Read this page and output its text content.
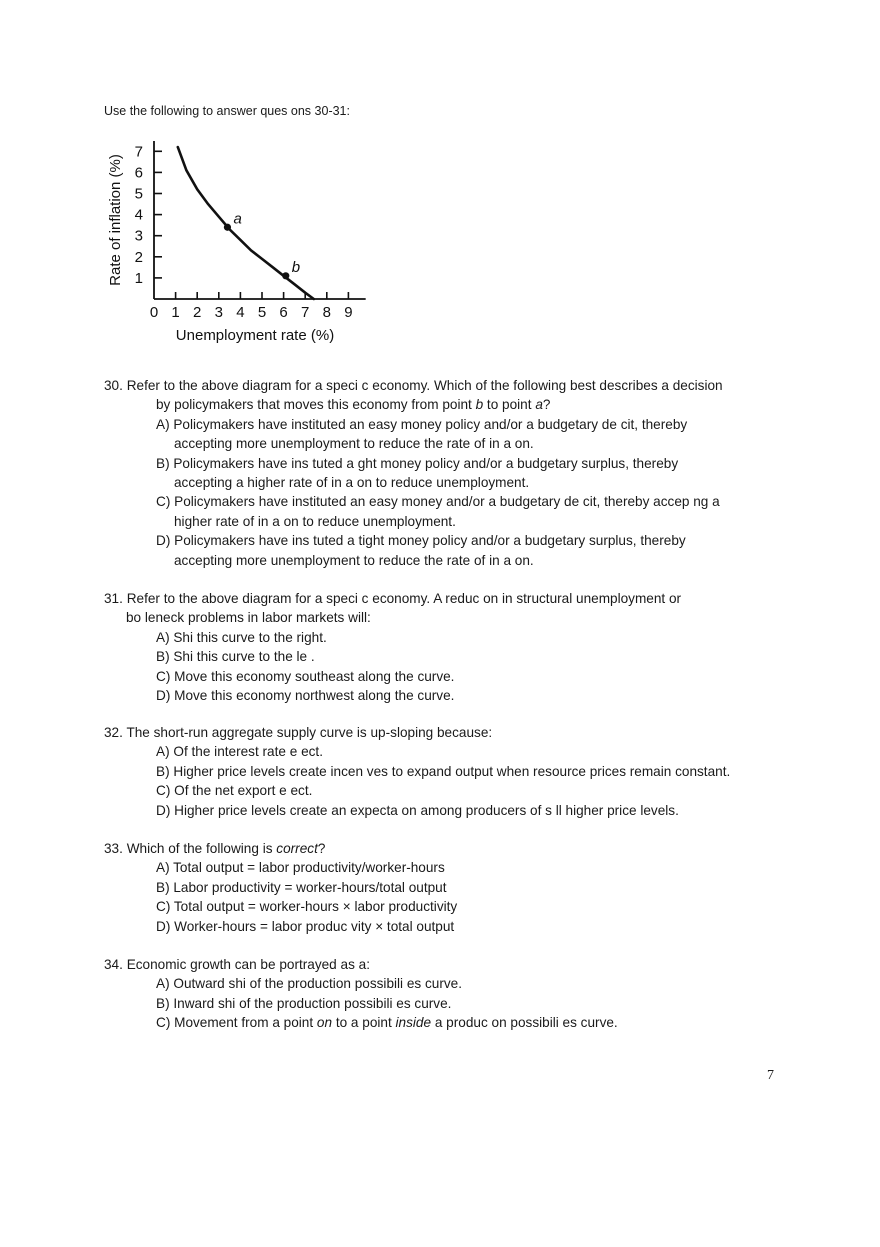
Use the following to answer ques ons 30-31:
1
2
3
4
5
6
7
0 1 2 3 4 5 6 7 8 9
a
b
Rate of inflation (%)
Unemployment rate (%)
30. Refer to the above diagram for a speci c economy. Which of the following best describes a decision
by policymakers that moves this economy from point b to point a?
A) Policymakers have instituted an easy money policy and/or a budgetary de cit, thereby
accepting more unemployment to reduce the rate of in a on.
B) Policymakers have ins tuted a ght money policy and/or a budgetary surplus, thereby
accepting a higher rate of in a on to reduce unemployment.
C) Policymakers have instituted an easy money and/or a budgetary de cit, thereby accep ng a
higher rate of in a on to reduce unemployment.
D) Policymakers have ins tuted a tight money policy and/or a budgetary surplus, thereby
accepting more unemployment to reduce the rate of in a on.
31. Refer to the above diagram for a speci c economy. A reduc on in structural unemployment or
bo leneck problems in labor markets will:
A) Shi this curve to the right.
B) Shi this curve to the le .
C) Move this economy southeast along the curve.
D) Move this economy northwest along the curve.
32. The short-run aggregate supply curve is up-sloping because:
A) Of the interest rate e ect.
B) Higher price levels create incen ves to expand output when resource prices remain constant.
C) Of the net export e ect.
D) Higher price levels create an expecta on among producers of s ll higher price levels.
33. Which of the following is correct?
A) Total output = labor productivity/worker-hours
B) Labor productivity = worker-hours/total output
C) Total output = worker-hours × labor productivity
D) Worker-hours = labor produc vity × total output
34. Economic growth can be portrayed as a:
A) Outward shi of the production possibili es curve.
B) Inward shi of the production possibili es curve.
C) Movement from a point on to a point inside a produc on possibili es curve.
7
